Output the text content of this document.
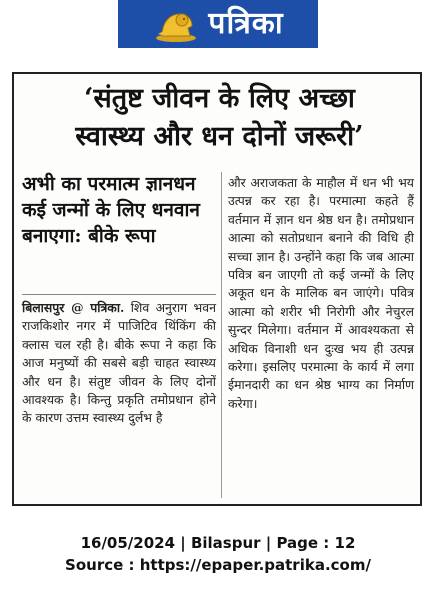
पत्रिका
‘संतुष्ट जीवन के लिए अच्छा
स्वास्थ्य और धन दोनों जरूरी’
अभी का परमात्म ज्ञानधन कई जन्मों के लिए धनवान बनाएगा: बीके रूपा
बिलासपुर @ पत्रिका. शिव अनुराग भवन राजकिशोर नगर में पाजिटिव थिंकिंग की क्लास चल रही है। बीके रूपा ने कहा कि आज मनुष्यों की सबसे बड़ी चाहत स्वास्थ्य और धन है। संतुष्ट जीवन के लिए दोनों आवश्यक है। किन्तु प्रकृति तमोप्रधान होने के कारण उत्तम स्वास्थ्य दुर्लभ है
और अराजकता के माहौल में धन भी भय उत्पन्न कर रहा है। परमात्मा कहते हैं वर्तमान में ज्ञान धन श्रेष्ठ धन है। तमोप्रधान आत्मा को सतोप्रधान बनाने की विधि ही सच्चा ज्ञान है। उन्होंने कहा कि जब आत्मा पवित्र बन जाएगी तो कई जन्मों के लिए अकूत धन के मालिक बन जाएंगे। पवित्र आत्मा को शरीर भी निरोगी और नेचुरल सुन्दर मिलेगा। वर्तमान में आवश्यकता से अधिक विनाशी धन दुःख भय ही उत्पन्न करेगा। इसलिए परमात्मा के कार्य में लगा ईमानदारी का धन श्रेष्ठ भाग्य का निर्माण करेगा।
16/05/2024 | Bilaspur | Page : 12
Source : https://epaper.patrika.com/
